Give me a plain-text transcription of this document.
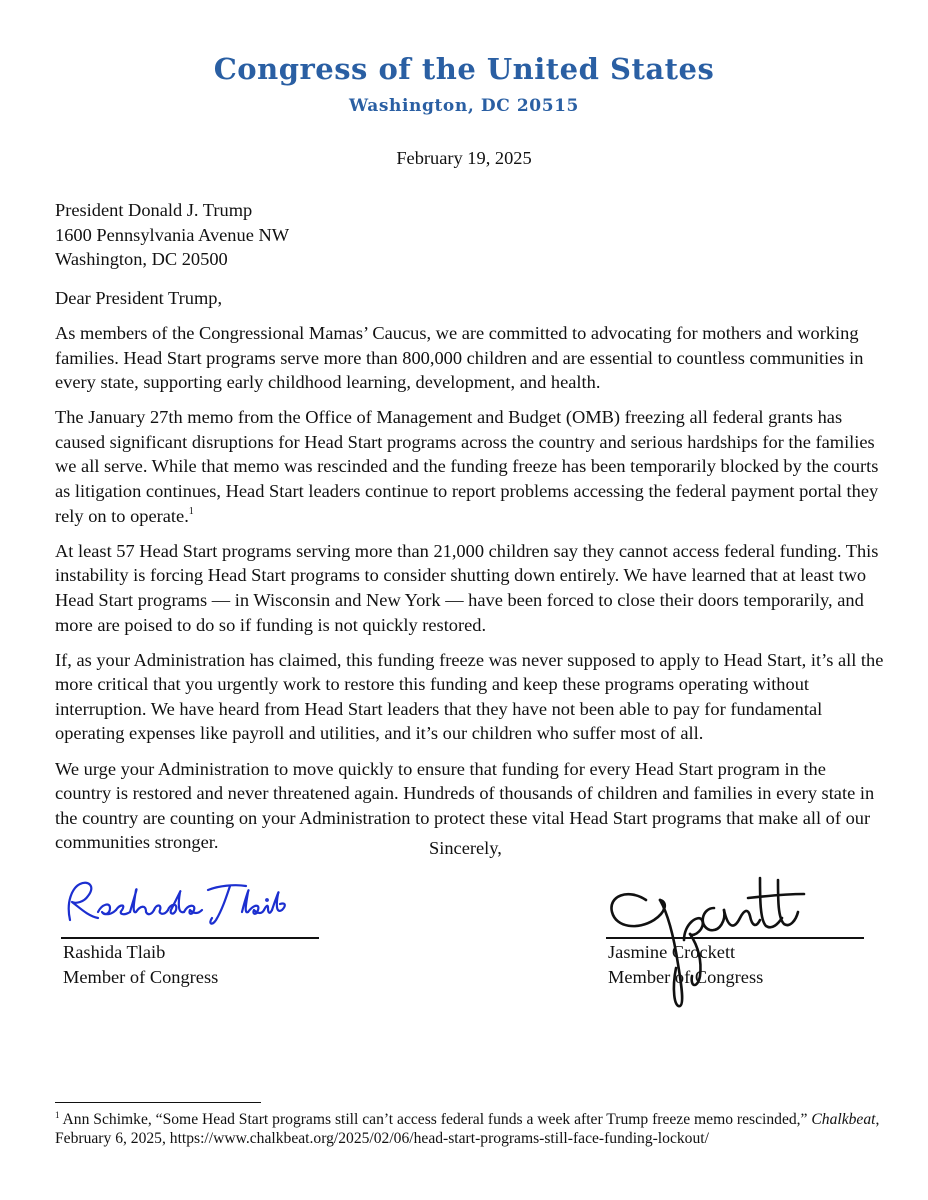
Congress of the United States
Washington, DC 20515
February 19, 2025
President Donald J. Trump
1600 Pennsylvania Avenue NW
Washington, DC 20500
Dear President Trump,

As members of the Congressional Mamas’ Caucus, we are committed to advocating for mothers and working families. Head Start programs serve more than 800,000 children and are essential to countless communities in every state, supporting early childhood learning, development, and health.

The January 27th memo from the Office of Management and Budget (OMB) freezing all federal grants has caused significant disruptions for Head Start programs across the country and serious hardships for the families we all serve. While that memo was rescinded and the funding freeze has been temporarily blocked by the courts as litigation continues, Head Start leaders continue to report problems accessing the federal payment portal they rely on to operate.$^1$

At least 57 Head Start programs serving more than 21,000 children say they cannot access federal funding. This instability is forcing Head Start programs to consider shutting down entirely. We have learned that at least two Head Start programs — in Wisconsin and New York — have been forced to close their doors temporarily, and more are poised to do so if funding is not quickly restored.

If, as your Administration has claimed, this funding freeze was never supposed to apply to Head Start, it’s all the more critical that you urgently work to restore this funding and keep these programs operating without interruption. We have heard from Head Start leaders that they have not been able to pay for fundamental operating expenses like payroll and utilities, and it’s our children who suffer most of all.

We urge your Administration to move quickly to ensure that funding for every Head Start program in the country is restored and never threatened again. Hundreds of thousands of children and families in every state in the country are counting on your Administration to protect these vital Head Start programs that make all of our communities stronger.	Sincerely,
Rashida Tlaib
Member of Congress
Jasmine Crockett
Member of Congress
$^1$ Ann Schimke, “Some Head Start programs still can’t access federal funds a week after Trump freeze memo rescinded,” Chalkbeat, February 6, 2025, https://www.chalkbeat.org/2025/02/06/head-start-programs-still-face-funding-lockout/
